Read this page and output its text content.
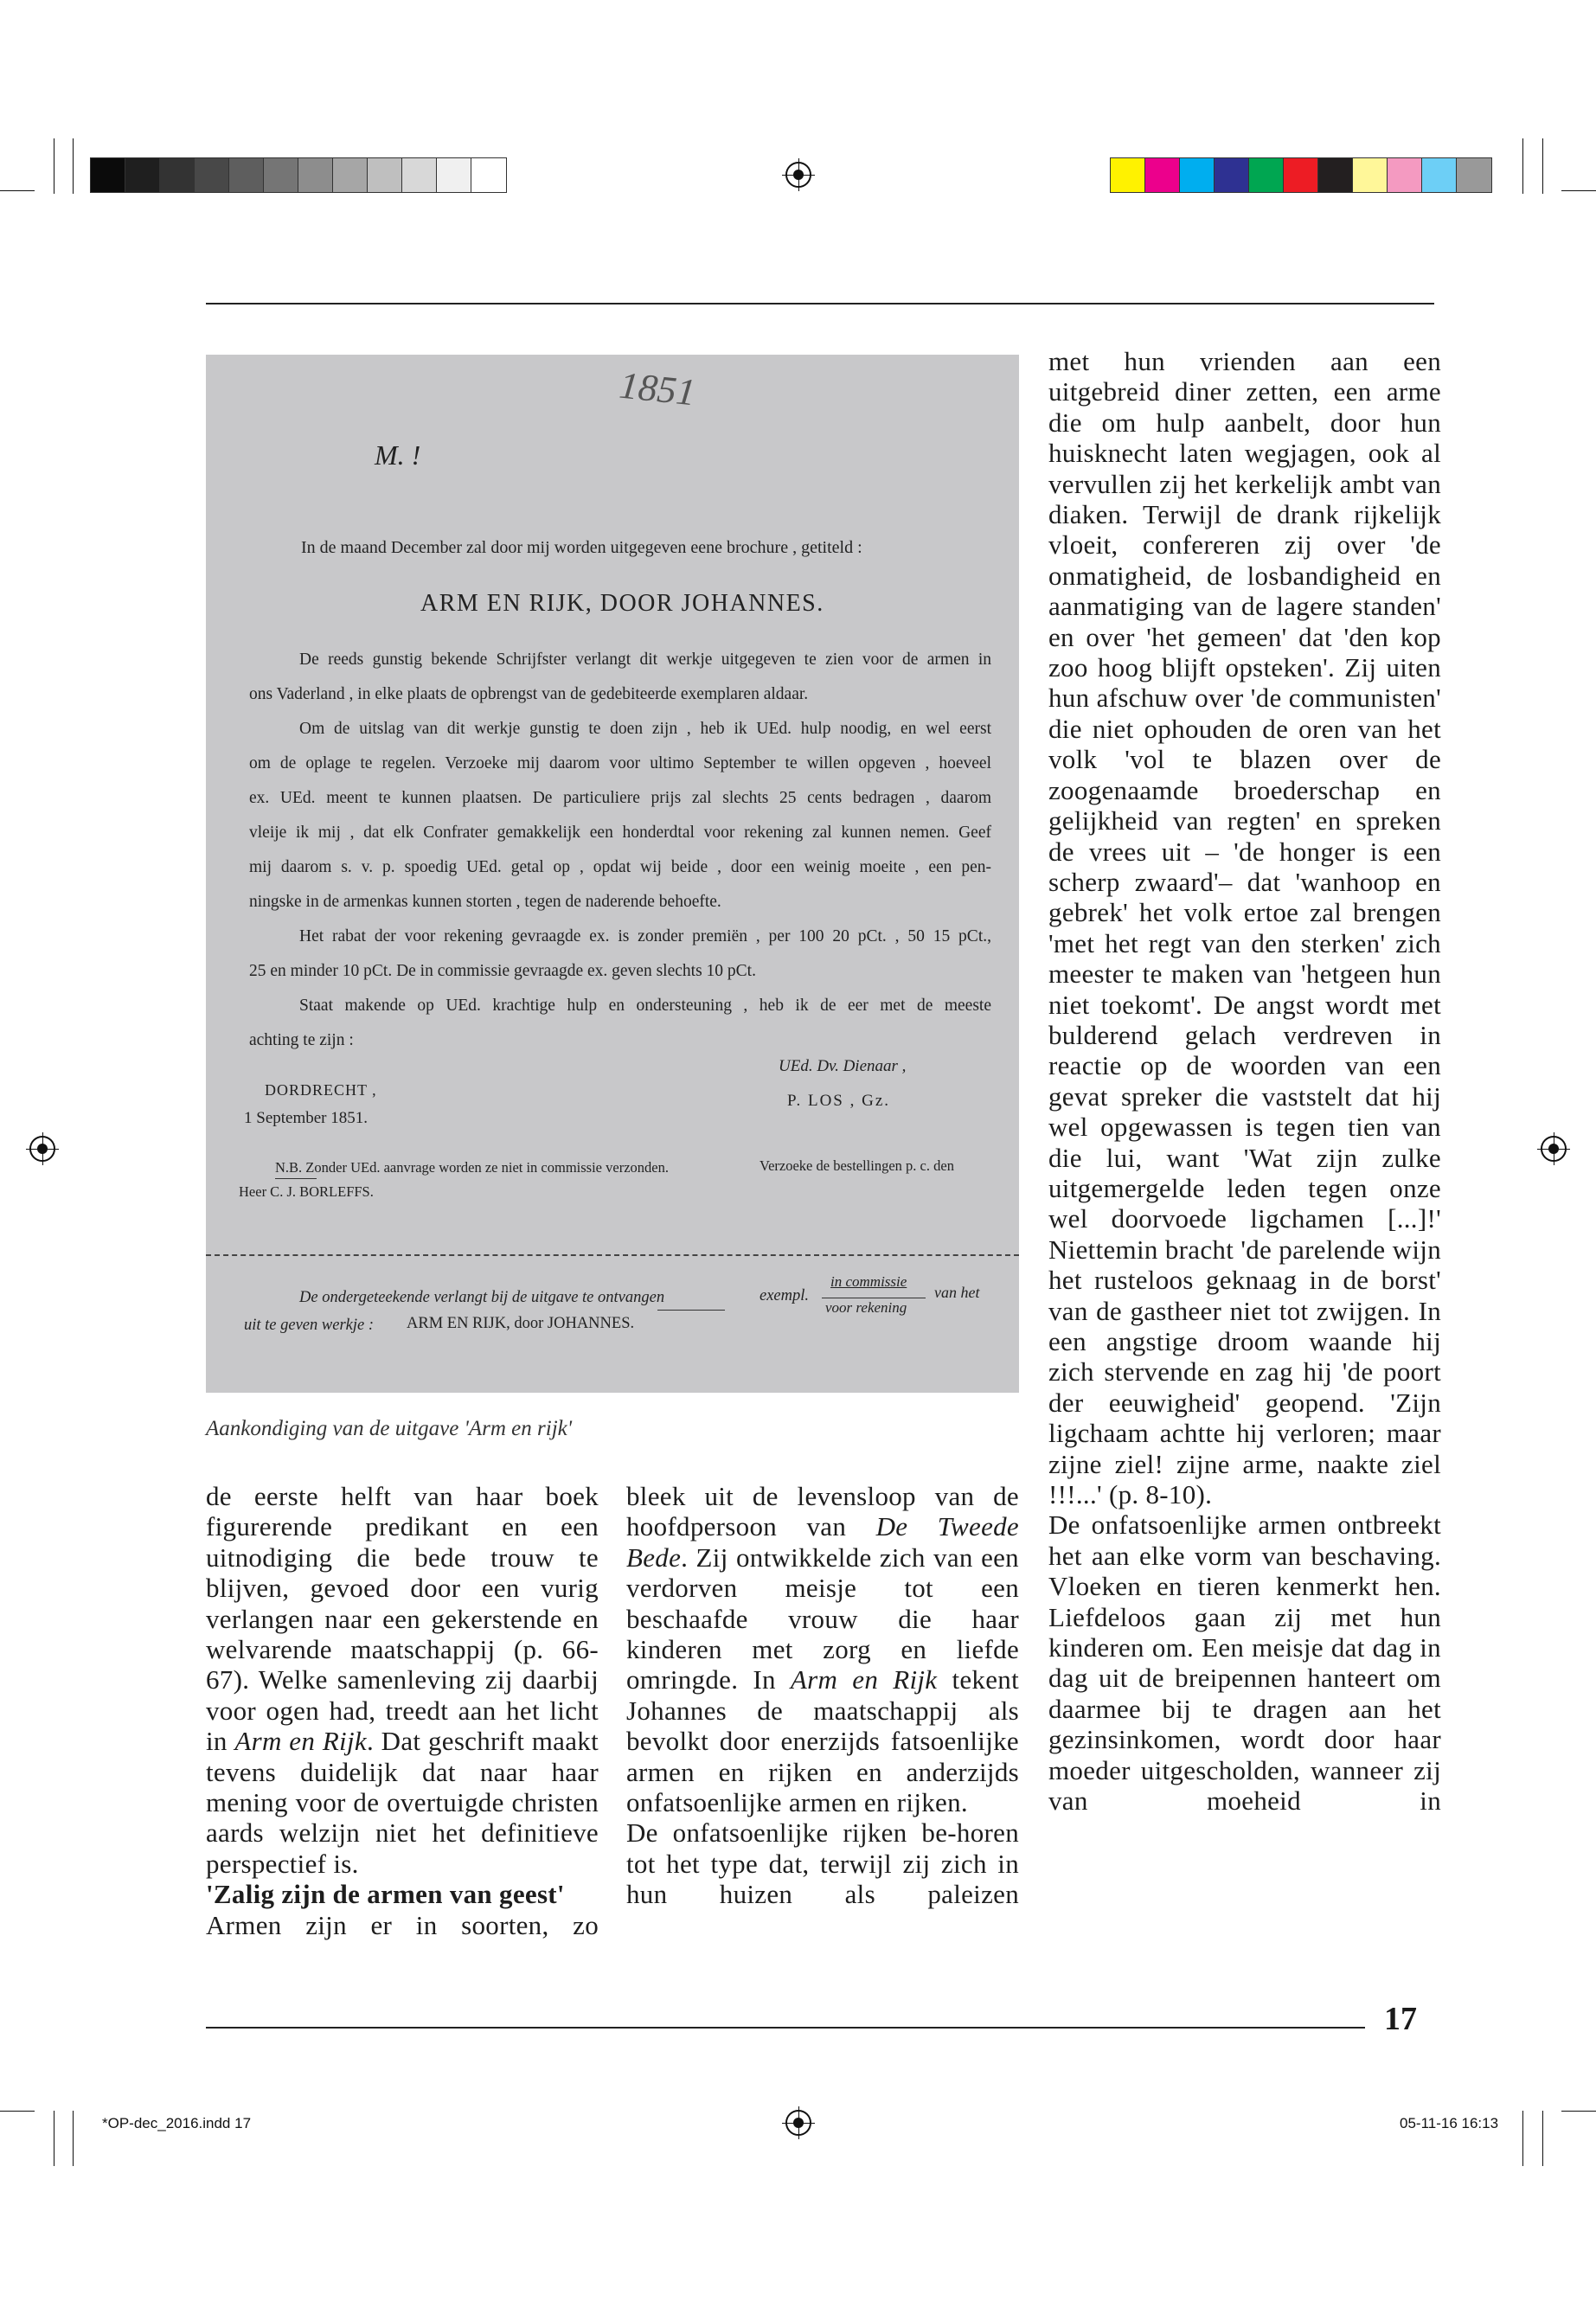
1851
M. !
In de maand December zal door mij worden uitgegeven eene brochure , getiteld :
ARM EN RIJK, DOOR JOHANNES.
De reeds gunstig bekende Schrijfster verlangt dit werkje uitgegeven te zien voor de armen in
ons Vaderland , in elke plaats de opbrengst van de gedebiteerde exemplaren aldaar.
Om de uitslag van dit werkje gunstig te doen zijn , heb ik UEd. hulp noodig, en wel eerst
om de oplage te regelen. Verzoeke mij daarom voor ultimo September te willen opgeven , hoeveel
ex. UEd. meent te kunnen plaatsen. De particuliere prijs zal slechts 25 cents bedragen , daarom
vleije ik mij , dat elk Confrater gemakkelijk een honderdtal voor rekening zal kunnen nemen. Geef
mij daarom s. v. p. spoedig UEd. getal op , opdat wij beide , door een weinig moeite , een pen-
ningske in de armenkas kunnen storten , tegen de naderende behoefte.
Het rabat der voor rekening gevraagde ex. is zonder premiën , per 100 20 pCt. , 50 15 pCt.,
25 en minder 10 pCt. De in commissie gevraagde ex. geven slechts 10 pCt.
Staat makende op UEd. krachtige hulp en ondersteuning , heb ik de eer met de meeste
achting te zijn :
UEd. Dv. Dienaar ,
DORDRECHT ,
P. LOS , Gz.
1 September 1851.
N.B. Zonder UEd. aanvrage worden ze niet in commissie verzonden.	Verzoeke de bestellingen p. c. den
Heer C. J. BORLEFFS.
De ondergeteekende verlangt bij de uitgave te ontvangen	exempl.
in commissie
voor rekening
van het
uit te geven werkje : ARM EN RIJK, door JOHANNES.
Aankondiging van de uitgave 'Arm en rijk'

de eerste helft van haar boek figurerende predikant en een uitnodiging die bede trouw te blijven, gevoed door een vurig verlangen naar een gekerstende en welvarende maatschappij (p. 66-67). Welke samenleving zij daarbij voor ogen had, treedt aan het licht in Arm en Rijk. Dat geschrift maakt tevens duidelijk dat naar haar mening voor de overtuigde christen aards welzijn niet het definitieve perspectief is.

'Zalig zijn de armen van geest'

Armen zijn er in soorten, zo

bleek uit de levensloop van de hoofdpersoon van De Tweede Bede. Zij ontwikkelde zich van een verdorven meisje tot een beschaafde vrouw die haar kinderen met zorg en liefde omringde. In Arm en Rijk tekent Johannes de maatschappij als bevolkt door enerzijds fatsoenlijke armen en rijken en anderzijds onfatsoenlijke armen en rijken.

De onfatsoenlijke rijken be-horen tot het type dat, terwijl zij zich in hun huizen als paleizen

met hun vrienden aan een uitgebreid diner zetten, een arme die om hulp aanbelt, door hun huisknecht laten wegjagen, ook al vervullen zij het kerkelijk ambt van diaken. Terwijl de drank rijkelijk vloeit, confereren zij over 'de onmatigheid, de losbandigheid en aanmatiging van de lagere standen' en over 'het gemeen' dat 'den kop zoo hoog blijft opsteken'. Zij uiten hun afschuw over 'de communisten' die niet ophouden de oren van het volk 'vol te blazen over de zoogenaamde broederschap en gelijkheid van regten' en spreken de vrees uit – 'de honger is een scherp zwaard'– dat 'wanhoop en gebrek' het volk ertoe zal brengen 'met het regt van den sterken' zich meester te maken van 'hetgeen hun niet toekomt'. De angst wordt met bulderend gelach verdreven in reactie op de woorden van een gevat spreker die vaststelt dat hij wel opgewassen is tegen tien van die lui, want 'Wat zijn zulke uitgemergelde leden tegen onze wel doorvoede ligchamen [...]!' Niettemin bracht 'de parelende wijn het rusteloos geknaag in de borst' van de gastheer niet tot zwijgen. In een angstige droom waande hij zich stervende en zag hij 'de poort der eeuwigheid' geopend. 'Zijn ligchaam achtte hij verloren; maar zijne ziel! zijne arme, naakte ziel !!!...' (p. 8-10).

De onfatsoenlijke armen ontbreekt het aan elke vorm van beschaving. Vloeken en tieren kenmerkt hen. Liefdeloos gaan zij met hun kinderen om. Een meisje dat dag in dag uit de breipennen hanteert om daarmee bij te dragen aan het gezinsinkomen, wordt door haar moeder uitgescholden, wanneer zij van moeheid in

17
*OP-dec_2016.indd 17	05-11-16 16:13
